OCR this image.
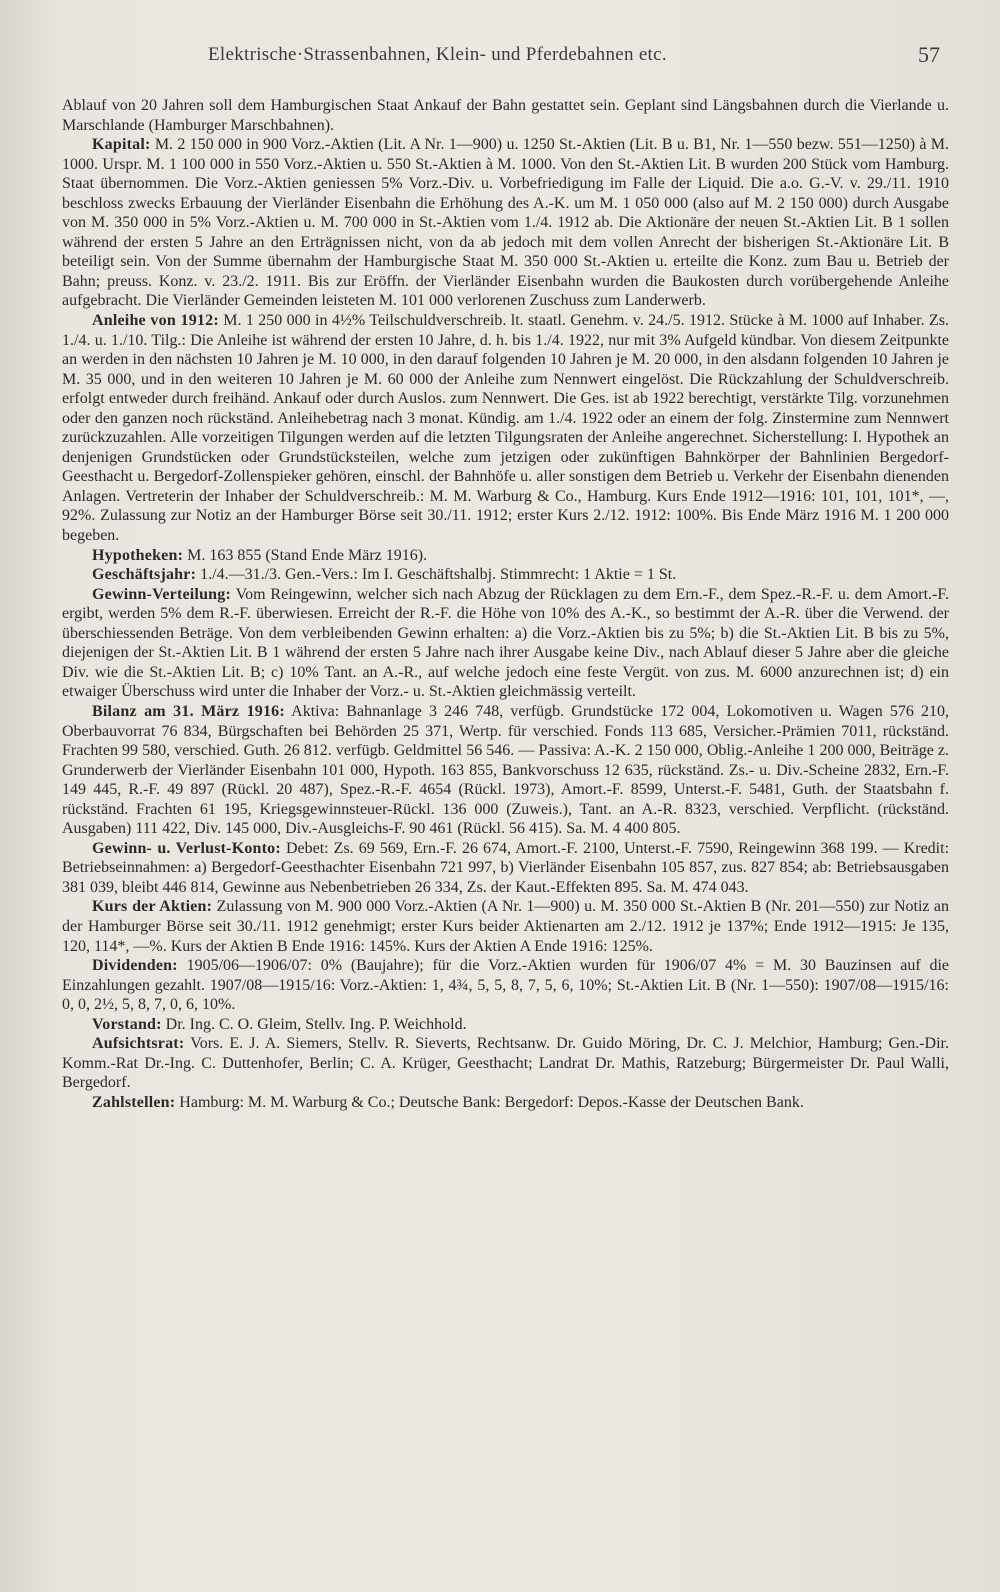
Elektrische·Strassenbahnen, Klein- und Pferdebahnen etc.	57

Ablauf von 20 Jahren soll dem Hamburgischen Staat Ankauf der Bahn gestattet sein. Geplant sind Längsbahnen durch die Vierlande u. Marschlande (Hamburger Marschbahnen).

Kapital: M. 2 150 000 in 900 Vorz.-Aktien (Lit. A Nr. 1—900) u. 1250 St.-Aktien (Lit. B u. B1, Nr. 1—550 bezw. 551—1250) à M. 1000. Urspr. M. 1 100 000 in 550 Vorz.-Aktien u. 550 St.-Aktien à M. 1000. Von den St.-Aktien Lit. B wurden 200 Stück vom Hamburg. Staat übernommen. Die Vorz.-Aktien geniessen 5% Vorz.-Div. u. Vorbefriedigung im Falle der Liquid. Die a.o. G.-V. v. 29./11. 1910 beschloss zwecks Erbauung der Vierländer Eisenbahn die Erhöhung des A.-K. um M. 1 050 000 (also auf M. 2 150 000) durch Ausgabe von M. 350 000 in 5% Vorz.-Aktien u. M. 700 000 in St.-Aktien vom 1./4. 1912 ab. Die Aktionäre der neuen St.-Aktien Lit. B 1 sollen während der ersten 5 Jahre an den Erträgnissen nicht, von da ab jedoch mit dem vollen Anrecht der bisherigen St.-Aktionäre Lit. B beteiligt sein. Von der Summe übernahm der Hamburgische Staat M. 350 000 St.-Aktien u. erteilte die Konz. zum Bau u. Betrieb der Bahn; preuss. Konz. v. 23./2. 1911. Bis zur Eröffn. der Vierländer Eisenbahn wurden die Baukosten durch vorübergehende Anleihe aufgebracht. Die Vierländer Gemeinden leisteten M. 101 000 verlorenen Zuschuss zum Landerwerb.

Anleihe von 1912: M. 1 250 000 in 4½% Teilschuldverschreib. lt. staatl. Genehm. v. 24./5. 1912. Stücke à M. 1000 auf Inhaber. Zs. 1./4. u. 1./10. Tilg.: Die Anleihe ist während der ersten 10 Jahre, d. h. bis 1./4. 1922, nur mit 3% Aufgeld kündbar. Von diesem Zeitpunkte an werden in den nächsten 10 Jahren je M. 10 000, in den darauf folgenden 10 Jahren je M. 20 000, in den alsdann folgenden 10 Jahren je M. 35 000, und in den weiteren 10 Jahren je M. 60 000 der Anleihe zum Nennwert eingelöst. Die Rückzahlung der Schuldverschreib. erfolgt entweder durch freihänd. Ankauf oder durch Auslos. zum Nennwert. Die Ges. ist ab 1922 berechtigt, verstärkte Tilg. vorzunehmen oder den ganzen noch rückständ. Anleihebetrag nach 3 monat. Kündig. am 1./4. 1922 oder an einem der folg. Zinstermine zum Nennwert zurückzuzahlen. Alle vorzeitigen Tilgungen werden auf die letzten Tilgungsraten der Anleihe angerechnet. Sicherstellung: I. Hypothek an denjenigen Grundstücken oder Grundstücksteilen, welche zum jetzigen oder zukünftigen Bahnkörper der Bahnlinien Bergedorf-Geesthacht u. Bergedorf-Zollenspieker gehören, einschl. der Bahnhöfe u. aller sonstigen dem Betrieb u. Verkehr der Eisenbahn dienenden Anlagen. Vertreterin der Inhaber der Schuldverschreib.: M. M. Warburg & Co., Hamburg. Kurs Ende 1912—1916: 101, 101, 101*, —, 92%. Zulassung zur Notiz an der Hamburger Börse seit 30./11. 1912; erster Kurs 2./12. 1912: 100%. Bis Ende März 1916 M. 1 200 000 begeben.

Hypotheken: M. 163 855 (Stand Ende März 1916).

Geschäftsjahr: 1./4.—31./3. Gen.-Vers.: Im I. Geschäftshalbj. Stimmrecht: 1 Aktie = 1 St.

Gewinn-Verteilung: Vom Reingewinn, welcher sich nach Abzug der Rücklagen zu dem Ern.-F., dem Spez.-R.-F. u. dem Amort.-F. ergibt, werden 5% dem R.-F. überwiesen. Erreicht der R.-F. die Höhe von 10% des A.-K., so bestimmt der A.-R. über die Verwend. der überschiessenden Beträge. Von dem verbleibenden Gewinn erhalten: a) die Vorz.-Aktien bis zu 5%; b) die St.-Aktien Lit. B bis zu 5%, diejenigen der St.-Aktien Lit. B 1 während der ersten 5 Jahre nach ihrer Ausgabe keine Div., nach Ablauf dieser 5 Jahre aber die gleiche Div. wie die St.-Aktien Lit. B; c) 10% Tant. an A.-R., auf welche jedoch eine feste Vergüt. von zus. M. 6000 anzurechnen ist; d) ein etwaiger Überschuss wird unter die Inhaber der Vorz.- u. St.-Aktien gleichmässig verteilt.

Bilanz am 31. März 1916: Aktiva: Bahnanlage 3 246 748, verfügb. Grundstücke 172 004, Lokomotiven u. Wagen 576 210, Oberbauvorrat 76 834, Bürgschaften bei Behörden 25 371, Wertp. für verschied. Fonds 113 685, Versicher.-Prämien 7011, rückständ. Frachten 99 580, verschied. Guth. 26 812. verfügb. Geldmittel 56 546. — Passiva: A.-K. 2 150 000, Oblig.-Anleihe 1 200 000, Beiträge z. Grunderwerb der Vierländer Eisenbahn 101 000, Hypoth. 163 855, Bankvorschuss 12 635, rückständ. Zs.- u. Div.-Scheine 2832, Ern.-F. 149 445, R.-F. 49 897 (Rückl. 20 487), Spez.-R.-F. 4654 (Rückl. 1973), Amort.-F. 8599, Unterst.-F. 5481, Guth. der Staatsbahn f. rückständ. Frachten 61 195, Kriegsgewinnsteuer-Rückl. 136 000 (Zuweis.), Tant. an A.-R. 8323, verschied. Verpflicht. (rückständ. Ausgaben) 111 422, Div. 145 000, Div.-Ausgleichs-F. 90 461 (Rückl. 56 415). Sa. M. 4 400 805.

Gewinn- u. Verlust-Konto: Debet: Zs. 69 569, Ern.-F. 26 674, Amort.-F. 2100, Unterst.-F. 7590, Reingewinn 368 199. — Kredit: Betriebseinnahmen: a) Bergedorf-Geesthachter Eisenbahn 721 997, b) Vierländer Eisenbahn 105 857, zus. 827 854; ab: Betriebsausgaben 381 039, bleibt 446 814, Gewinne aus Nebenbetrieben 26 334, Zs. der Kaut.-Effekten 895. Sa. M. 474 043.

Kurs der Aktien: Zulassung von M. 900 000 Vorz.-Aktien (A Nr. 1—900) u. M. 350 000 St.-Aktien B (Nr. 201—550) zur Notiz an der Hamburger Börse seit 30./11. 1912 genehmigt; erster Kurs beider Aktienarten am 2./12. 1912 je 137%; Ende 1912—1915: Je 135, 120, 114*, —%. Kurs der Aktien B Ende 1916: 145%. Kurs der Aktien A Ende 1916: 125%.

Dividenden: 1905/06—1906/07: 0% (Baujahre); für die Vorz.-Aktien wurden für 1906/07 4% = M. 30 Bauzinsen auf die Einzahlungen gezahlt. 1907/08—1915/16: Vorz.-Aktien: 1, 4¾, 5, 5, 8, 7, 5, 6, 10%; St.-Aktien Lit. B (Nr. 1—550): 1907/08—1915/16: 0, 0, 2½, 5, 8, 7, 0, 6, 10%.

Vorstand: Dr. Ing. C. O. Gleim, Stellv. Ing. P. Weichhold.

Aufsichtsrat: Vors. E. J. A. Siemers, Stellv. R. Sieverts, Rechtsanw. Dr. Guido Möring, Dr. C. J. Melchior, Hamburg; Gen.-Dir. Komm.-Rat Dr.-Ing. C. Duttenhofer, Berlin; C. A. Krüger, Geesthacht; Landrat Dr. Mathis, Ratzeburg; Bürgermeister Dr. Paul Walli, Bergedorf.

Zahlstellen: Hamburg: M. M. Warburg & Co.; Deutsche Bank: Bergedorf: Depos.-Kasse der Deutschen Bank.
